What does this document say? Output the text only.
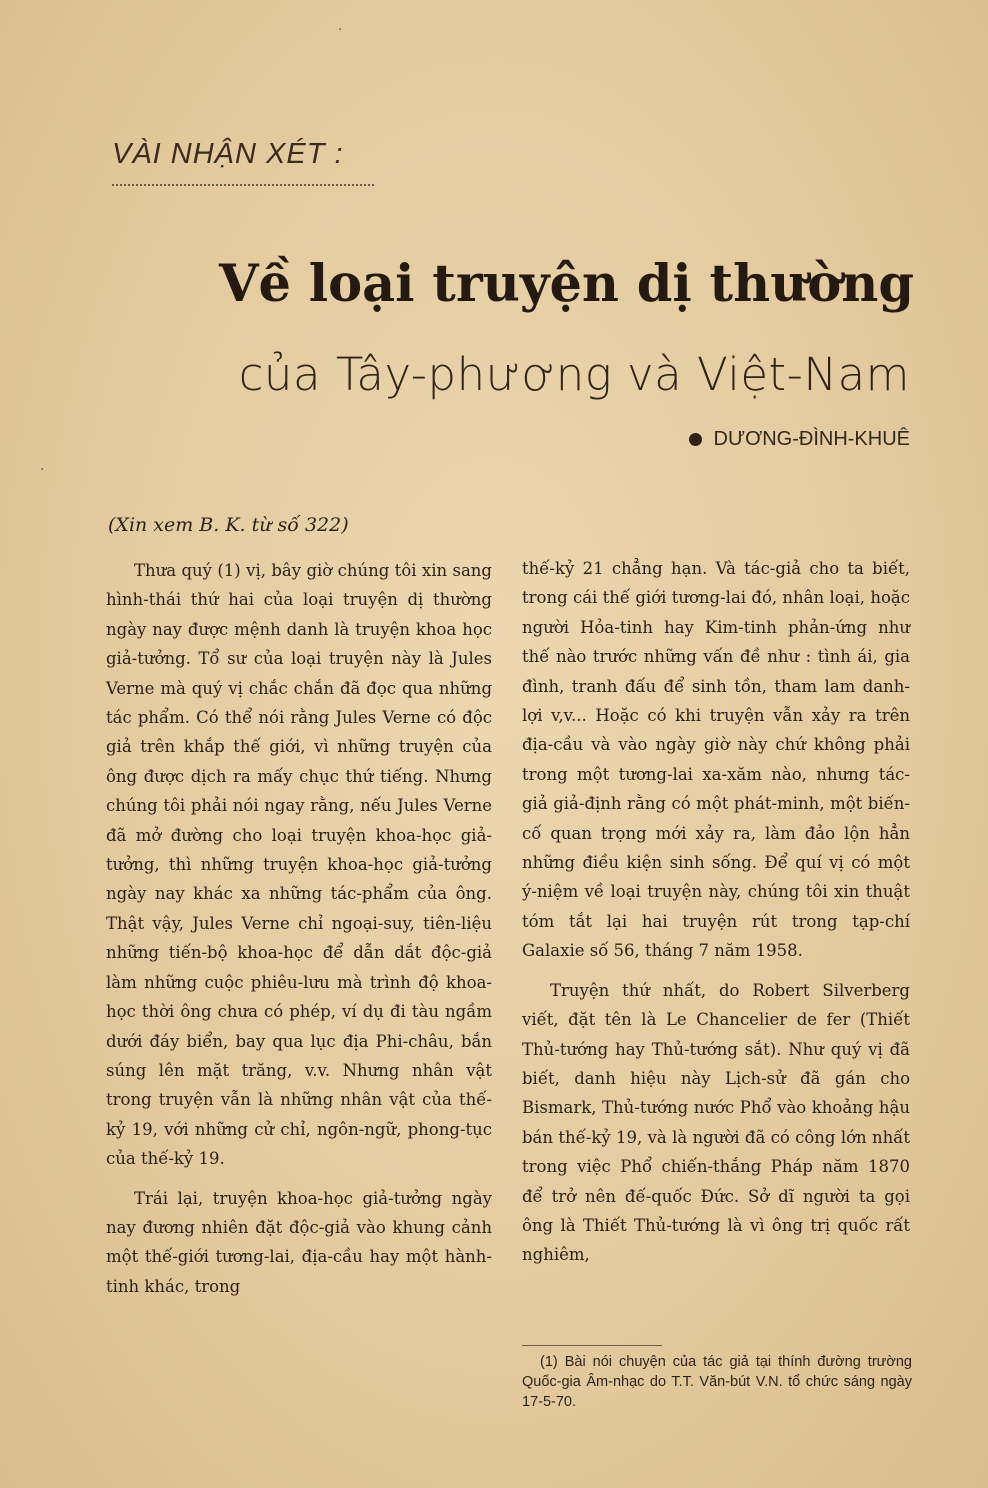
VÀI NHẬN XÉT :
Về loại truyện dị thường
của Tây-phương và Việt-Nam
DƯƠNG-ĐÌNH-KHUÊ
(Xin xem B. K. từ số 322)

Thưa quý (1) vị, bây giờ chúng tôi xin sang hình-thái thứ hai của loại truyện dị thường ngày nay được mệnh danh là truyện khoa học giả-tưởng. Tổ sư của loại truyện này là Jules Verne mà quý vị chắc chắn đã đọc qua những tác phẩm. Có thể nói rằng Jules Verne có độc giả trên khắp thế giới, vì những truyện của ông được dịch ra mấy chục thứ tiếng. Nhưng chúng tôi phải nói ngay rằng, nếu Jules Verne đã mở đường cho loại truyện khoa-học giả-tưởng, thì những truyện khoa-học giả-tưởng ngày nay khác xa những tác-phẩm của ông. Thật vậy, Jules Verne chỉ ngoại-suy, tiên-liệu những tiến-bộ khoa-học để dẫn dắt độc-giả làm những cuộc phiêu-lưu mà trình độ khoa-học thời ông chưa có phép, ví dụ đi tàu ngầm dưới đáy biển, bay qua lục địa Phi-châu, bắn súng lên mặt trăng, v.v. Nhưng nhân vật trong truyện vẫn là những nhân vật của thế-kỷ 19, với những cử chỉ, ngôn-ngữ, phong-tục của thế-kỷ 19.

Trái lại, truyện khoa-học giả-tưởng ngày nay đương nhiên đặt độc-giả vào khung cảnh một thế-giới tương-lai, địa-cầu hay một hành-tinh khác, trong

thế-kỷ 21 chẳng hạn. Và tác-giả cho ta biết, trong cái thế giới tương-lai đó, nhân loại, hoặc người Hỏa-tinh hay Kim-tinh phản-ứng như thế nào trước những vấn đề như : tình ái, gia đình, tranh đấu để sinh tồn, tham lam danh-lợi v,v... Hoặc có khi truyện vẫn xảy ra trên địa-cầu và vào ngày giờ này chứ không phải trong một tương-lai xa-xăm nào, nhưng tác-giả giả-định rằng có một phát-minh, một biến-cố quan trọng mới xảy ra, làm đảo lộn hẳn những điều kiện sinh sống. Để quí vị có một ý-niệm về loại truyện này, chúng tôi xin thuật tóm tắt lại hai truyện rút trong tạp-chí Galaxie số 56, tháng 7 năm 1958.

Truyện thứ nhất, do Robert Silverberg viết, đặt tên là Le Chancelier de fer (Thiết Thủ-tướng hay Thủ-tướng sắt). Như quý vị đã biết, danh hiệu này Lịch-sử đã gán cho Bismark, Thủ-tướng nước Phổ vào khoảng hậu bán thế-kỷ 19, và là người đã có công lớn nhất trong việc Phổ chiến-thắng Pháp năm 1870 để trở nên đế-quốc Đức. Sở dĩ người ta gọi ông là Thiết Thủ-tướng là vì ông trị quốc rất nghiêm,

(1) Bài nói chuyện của tác giả tại thính đường trường Quốc-gia Âm-nhạc do T.T. Văn-bút V.N. tổ chức sáng ngày 17-5-70.
·
·
